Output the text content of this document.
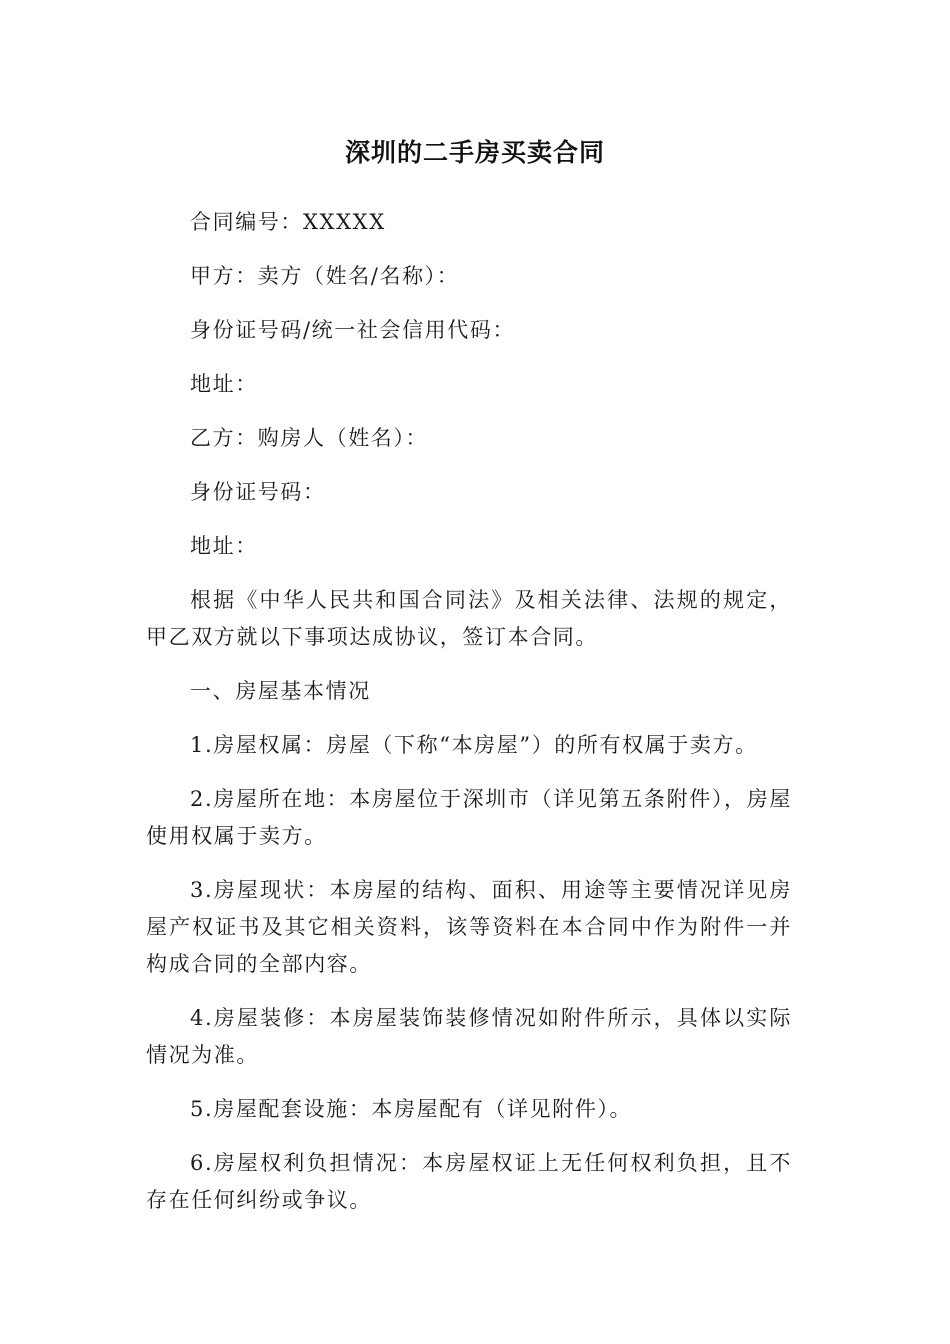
深圳的二手房买卖合同

合同编号：XXXXX

甲方：卖方（姓名/名称）：

身份证号码/统一社会信用代码：

地址：

乙方：购房人（姓名）：

身份证号码：

地址：

根据《中华人民共和国合同法》及相关法律、法规的规定，甲乙双方就以下事项达成协议，签订本合同。

一、房屋基本情况

1.房屋权属：房屋（下称“本房屋”）的所有权属于卖方。

2.房屋所在地：本房屋位于深圳市（详见第五条附件），房屋使用权属于卖方。

3.房屋现状：本房屋的结构、面积、用途等主要情况详见房屋产权证书及其它相关资料，该等资料在本合同中作为附件一并构成合同的全部内容。

4.房屋装修：本房屋装饰装修情况如附件所示，具体以实际情况为准。

5.房屋配套设施：本房屋配有（详见附件）。

6.房屋权利负担情况：本房屋权证上无任何权利负担，且不存在任何纠纷或争议。
